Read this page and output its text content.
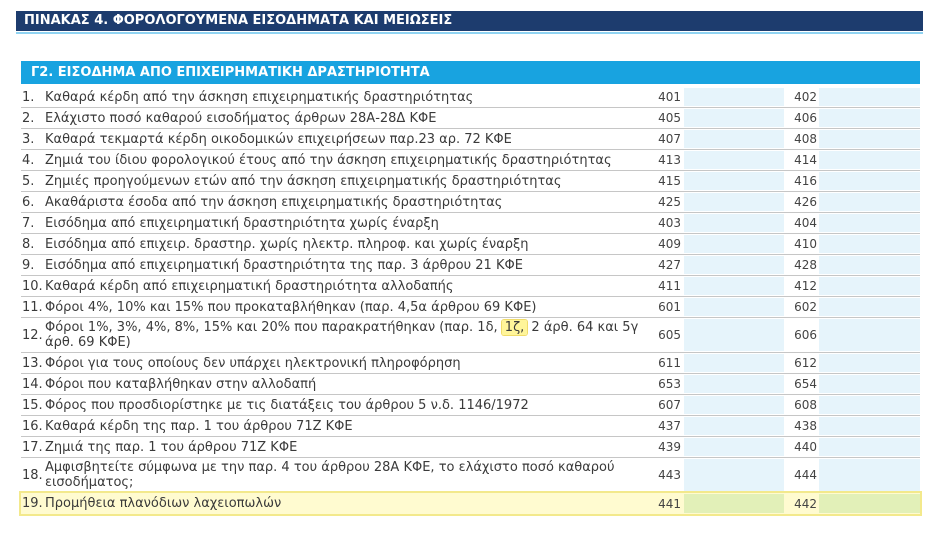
ΠΙΝΑΚΑΣ 4. ΦΟΡΟΛΟΓΟΥΜΕΝΑ ΕΙΣΟΔΗΜΑΤΑ ΚΑΙ ΜΕΙΩΣΕΙΣ
Γ2. ΕΙΣΟΔΗΜΑ ΑΠΟ ΕΠΙΧΕΙΡΗΜΑΤΙΚΗ ΔΡΑΣΤΗΡΙΟΤΗΤΑ
1. Καθαρά κέρδη από την άσκηση επιχειρηματικής δραστηριότητας	401	402
2. Ελάχιστο ποσό καθαρού εισοδήματος άρθρων 28Α-28Δ ΚΦΕ	405	406
3. Καθαρά τεκμαρτά κέρδη οικοδομικών επιχειρήσεων παρ.23 αρ. 72 ΚΦΕ	407	408
4. Ζημιά του ίδιου φορολογικού έτους από την άσκηση επιχειρηματικής δραστηριότητας	413	414
5. Ζημιές προηγούμενων ετών από την άσκηση επιχειρηματικής δραστηριότητας	415	416
6. Ακαθάριστα έσοδα από την άσκηση επιχειρηματικής δραστηριότητας	425	426
7. Εισόδημα από επιχειρηματική δραστηριότητα χωρίς έναρξη	403	404
8. Εισόδημα από επιχειρ. δραστηρ. χωρίς ηλεκτρ. πληροφ. και χωρίς έναρξη	409	410
9. Εισόδημα από επιχειρηματική δραστηριότητα της παρ. 3 άρθρου 21 ΚΦΕ	427	428
10. Καθαρά κέρδη από επιχειρηματική δραστηριότητα αλλοδαπής	411	412
11. Φόροι 4%, 10% και 15% που προκαταβλήθηκαν (παρ. 4,5α άρθρου 69 ΚΦΕ)	601	602
12. Φόροι 1%, 3%, 4%, 8%, 15% και 20% που παρακρατήθηκαν (παρ. 1δ, 1ζ, 2 άρθ. 64 και 5γ άρθ. 69 ΚΦΕ)	605	606
13. Φόροι για τους οποίους δεν υπάρχει ηλεκτρονική πληροφόρηση	611	612
14. Φόροι που καταβλήθηκαν στην αλλοδαπή	653	654
15. Φόρος που προσδιορίστηκε με τις διατάξεις του άρθρου 5 ν.δ. 1146/1972	607	608
16. Καθαρά κέρδη της παρ. 1 του άρθρου 71Ζ ΚΦΕ	437	438
17. Ζημιά της παρ. 1 του άρθρου 71Ζ ΚΦΕ	439	440
18. Αμφισβητείτε σύμφωνα με την παρ. 4 του άρθρου 28Α ΚΦΕ, το ελάχιστο ποσό καθαρού εισοδήματος;	443	444
19. Προμήθεια πλανόδιων λαχειοπωλών	441	442
